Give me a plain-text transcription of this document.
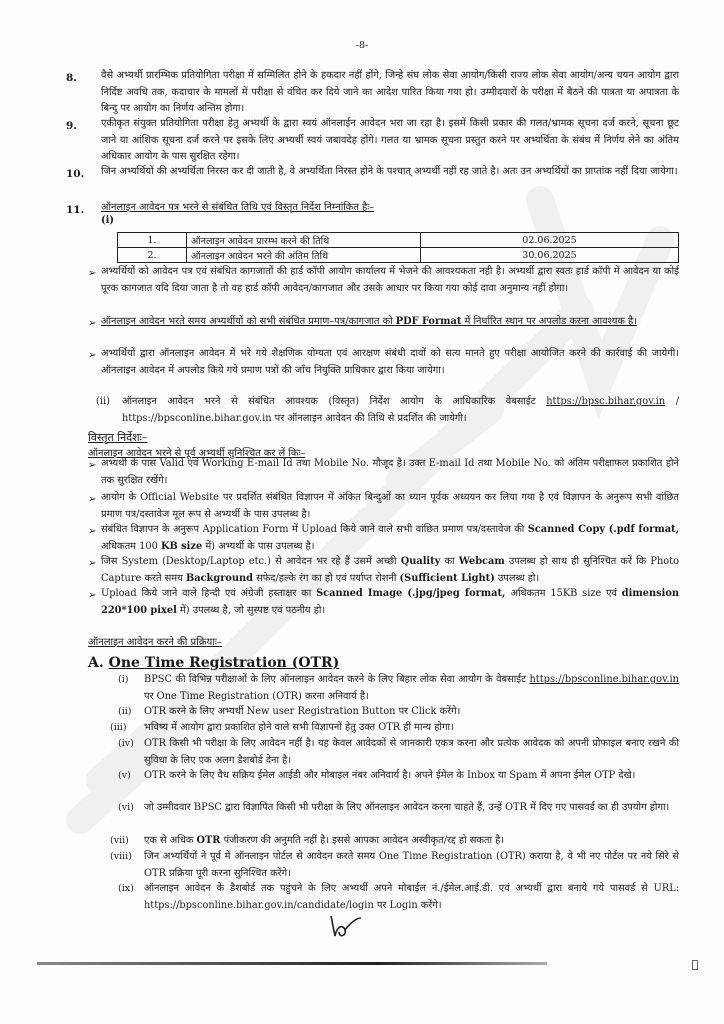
-8-
8. वैसे अभ्यर्थी प्रारम्भिक प्रतियोगिता परीक्षा में सम्मिलित होने के हकदार नहीं होंगे, जिन्हे संघ लोक सेवा आयोग/किसी राज्य लोक सेवा आयोग/अन्य चयन आयोग द्वारा निर्दिष्ट अवधि तक, कदाचार के मामलों में परीक्षा से वंचित कर दिये जाने का आदेश पारित किया गया हो। उम्मीदवारों के परीक्षा में बैठने की पात्रता या अपात्रता के बिन्दु पर आयोग का निर्णय अन्तिम होगा।
9. एकीकृत संयुक्त प्रतियोगिता परीक्षा हेतु अभ्यर्थी के द्वारा स्वयं ऑनलाईन आवेदन भरा जा रहा है। इसमें किसी प्रकार की गलत/भ्रामक सूचना दर्ज करने, सूचना छूट जाने या आंशिक सूचना दर्ज करने पर इसके लिए अभ्यर्थी स्वयं जबावदेह होंगे। गलत या भ्रामक सूचना प्रस्तुत करने पर अभ्यर्थिता के संबंध में निर्णय लेने का अंतिम अधिकार आयोग के पास सुरक्षित रहेगा।
10. जिन अभ्यर्थियों की अभ्यर्थिता निरस्त कर दी जाती है, वे अभ्यर्थिता निरस्त होने के पश्चात् अभ्यर्थी नहीं रह जाते है। अतः उन अभ्यर्थियों का प्राप्तांक नहीं दिया जायेगा।
11. ऑनलाइन आवेदन पत्र भरने से संबंधित तिथि एवं विस्तृत निर्देश निम्नांकित हैः–
(i)
1.	ऑनलाइन आवेदन प्रारम्भ करने की तिथि	02.06.2025
2.	ऑनलाइन आवेदन भरने की अंतिम तिथि	30.06.2025
➢ अभ्यर्थियों को आवेदन पत्र एवं संबंधित कागजातों की हार्ड कॉपी आयोग कार्यालय में भेजने की आवश्यकता नही है। अभ्यर्थी द्वारा स्वतः हार्ड कॉपी में आवेदन या कोई पूरक कागजात यदि दिया जाता है तो वह हार्ड कॉपी आवेदन/कागजात और उसके आधार पर किया गया कोई दावा अनुमान्य नहीं होगा।
➢ ऑनलाइन आवेदन भरते समय अभ्यर्थीयों को सभी संबंधित प्रमाण–पत्र/कागजात को PDF Format में निर्धारित स्थान पर अपलोड करना आवश्यक है।
➢ अभ्यर्थियों द्वारा ऑनलाइन आवेदन में भरे गये शैक्षणिक योग्यता एवं आरक्षण संबंधी दावों को सत्य मानते हुए परीक्षा आयोजित करने की कार्रवाई की जायेगी। ऑनलाइन आवेदन में अपलोड किये गये प्रमाण पत्रों की जाँच नियुक्ति प्राधिकार द्वारा किया जायेगा।
(ii) ऑनलाइन आवेदन भरने से संबंधित आवश्यक (विस्तृत) निर्देश आयोग के आधिकारिक वेबसाईट https://bpsc.bihar.gov.in / https://bpsconline.bihar.gov.in पर ऑनलाइन आवेदन की तिथि से प्रदर्शित की जायेगी।
विस्तृत निर्देशः–
ऑनलाइन आवेदन भरने से पूर्व अभ्यर्थी सुनिश्चित कर लें किः–
➢ अभ्यर्थी के पास Valid एवं Working E-mail Id तथा Mobile No. मौजूद है। उक्त E-mail Id तथा Mobile No. को अंतिम परीक्षाफल प्रकाशित होने तक सुरक्षित रखेंगे।
➢ आयोग के Official Website पर प्रदर्शित संबंधित विज्ञापन में अंकित बिन्दुओं का ध्यान पूर्वक अध्ययन कर लिया गया है एवं विज्ञापन के अनुरूप सभी वांछित प्रमाण पत्र/दस्तावेज मूल रूप से अभ्यर्थी के पास उपलब्ध है।
➢ संबंधित विज्ञापन के अनुरूप Application Form में Upload किये जाने वाले सभी वांछित प्रमाण पत्र/दस्तावेज की Scanned Copy (.pdf format, अधिकतम 100 KB size में) अभ्यर्थी के पास उपलब्ध है।
➢ जिस System (Desktop/Laptop etc.) से आवेदन भर रहे हैं उसमें अच्छी Quality का Webcam उपलब्ध हो साथ ही सुनिश्चित करें कि Photo Capture करते समय Background सफेद/हल्के रंग का हो एवं पर्याप्त रोशनी (Sufficient Light) उपलब्ध हो।
➢ Upload किये जाने वाले हिन्दी एवं अंग्रेजी हस्ताक्षर का Scanned Image (.jpg/jpeg format, अधिकतम 15KB size एवं dimension 220*100 pixel में) उपलब्ध है, जो सुस्पष्ट एवं पठनीय हो।
ऑनलाइन आवेदन करने की प्रक्रियाः–
A. One Time Registration (OTR)
(i) BPSC की विभिन्न परीक्षाओं के लिए ऑनलाइन आवेदन करने के लिए बिहार लोक सेवा आयोग के वेबसाईट https://bpsconline.bihar.gov.in पर One Time Registration (OTR) करना अनिवार्य है।
(ii) OTR करने के लिए अभ्यर्थी New user Registration Button पर Click करेंगे।
(iii) भविष्य में आयोग द्वारा प्रकाशित होने वाले सभी विज्ञापनों हेतु उक्त OTR ही मान्य होगा।
(iv) OTR किसी भी परीक्षा के लिए आवेदन नहीं है। यह केवल आवेदकों से जानकारी एकत्र करना और प्रत्येक आवेदक को अपनी प्रोफाइल बनाए रखने की सुविधा के लिए एक अलग डैशबोर्ड देना है।
(v) OTR करने के लिए वैध सक्रिय ईमेल आईडी और मोबाइल नंबर अनिवार्य है। अपने ईमेल के Inbox या Spam में अपना ईमेल OTP देखे।
(vi) जो उम्मीदवार BPSC द्वारा विज्ञापित किसी भी परीक्षा के लिए ऑनलाइन आवेदन करना चाहते हैं, उन्हें OTR में दिए गए पासवर्ड का ही उपयोग होगा।
(vii) एक से अधिक OTR पंजीकरण की अनुमति नहीं है। इससे आपका आवेदन अस्वीकृत/रद्द हो सकता है।
(viii) जिन अभ्यर्थियों ने पूर्व में ऑनलाइन पोर्टल से आवेदन करते समय One Time Registration (OTR) कराया है, वे भी नए पोर्टल पर नये सिरे से OTR प्रक्रिया पूरी करना सुनिश्चित करेंगे।
(ix) ऑनलाइन आवेदन के डैशबोर्ड तक पहुंचने के लिए अभ्यर्थी अपने मोबाईल नं./ईमेल.आई.डी. एवं अभ्यर्थी द्वारा बनाये गये पासवर्ड से URL: https://bpsconline.bihar.gov.in/candidate/login पर Login करेंगे।
